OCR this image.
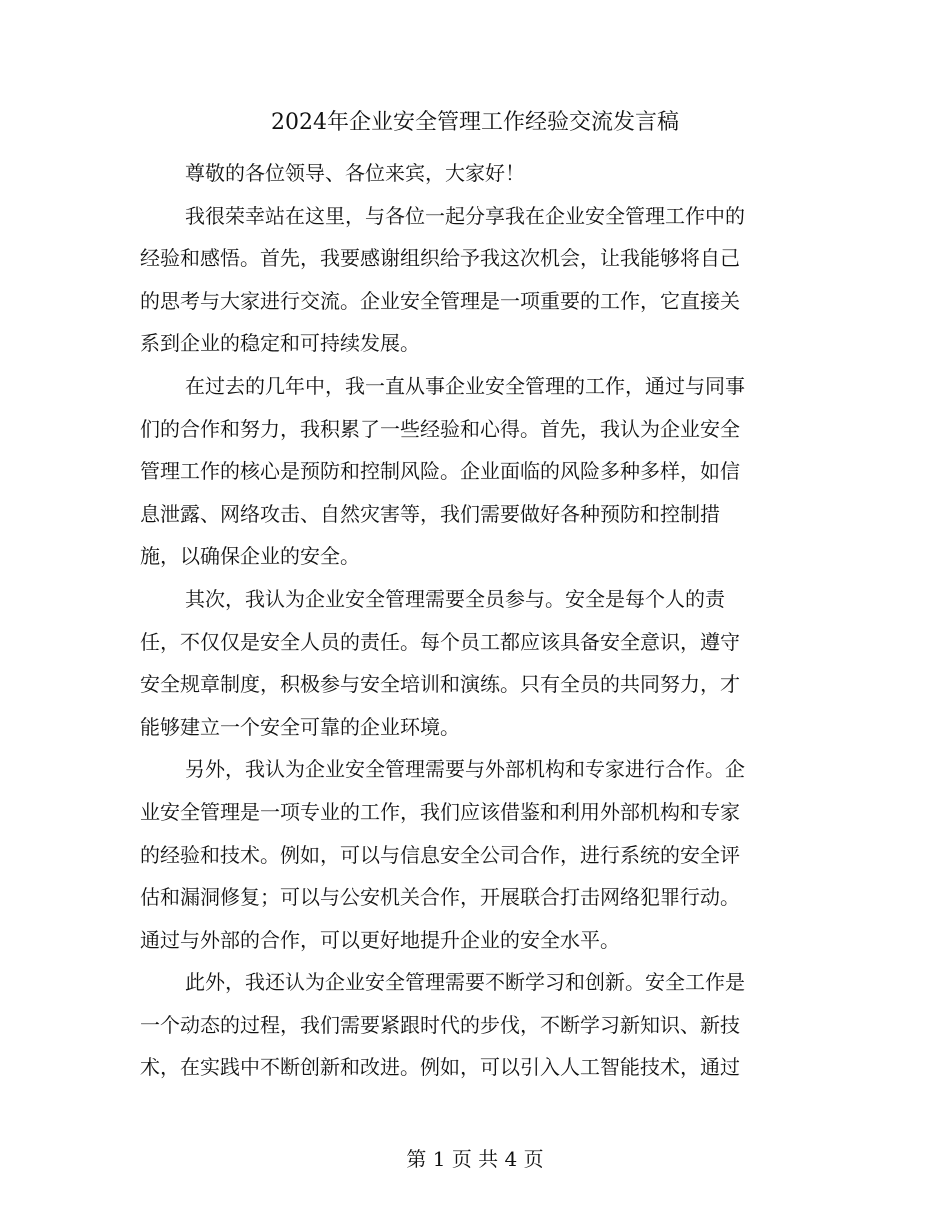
2024年企业安全管理工作经验交流发言稿
尊敬的各位领导、各位来宾，大家好！
我很荣幸站在这里，与各位一起分享我在企业安全管理工作中的
经验和感悟。首先，我要感谢组织给予我这次机会，让我能够将自己
的思考与大家进行交流。企业安全管理是一项重要的工作，它直接关
系到企业的稳定和可持续发展。
在过去的几年中，我一直从事企业安全管理的工作，通过与同事
们的合作和努力，我积累了一些经验和心得。首先，我认为企业安全
管理工作的核心是预防和控制风险。企业面临的风险多种多样，如信
息泄露、网络攻击、自然灾害等，我们需要做好各种预防和控制措
施，以确保企业的安全。
其次，我认为企业安全管理需要全员参与。安全是每个人的责
任，不仅仅是安全人员的责任。每个员工都应该具备安全意识，遵守
安全规章制度，积极参与安全培训和演练。只有全员的共同努力，才
能够建立一个安全可靠的企业环境。
另外，我认为企业安全管理需要与外部机构和专家进行合作。企
业安全管理是一项专业的工作，我们应该借鉴和利用外部机构和专家
的经验和技术。例如，可以与信息安全公司合作，进行系统的安全评
估和漏洞修复；可以与公安机关合作，开展联合打击网络犯罪行动。
通过与外部的合作，可以更好地提升企业的安全水平。
此外，我还认为企业安全管理需要不断学习和创新。安全工作是
一个动态的过程，我们需要紧跟时代的步伐，不断学习新知识、新技
术，在实践中不断创新和改进。例如，可以引入人工智能技术，通过
第 1 页 共 4 页
